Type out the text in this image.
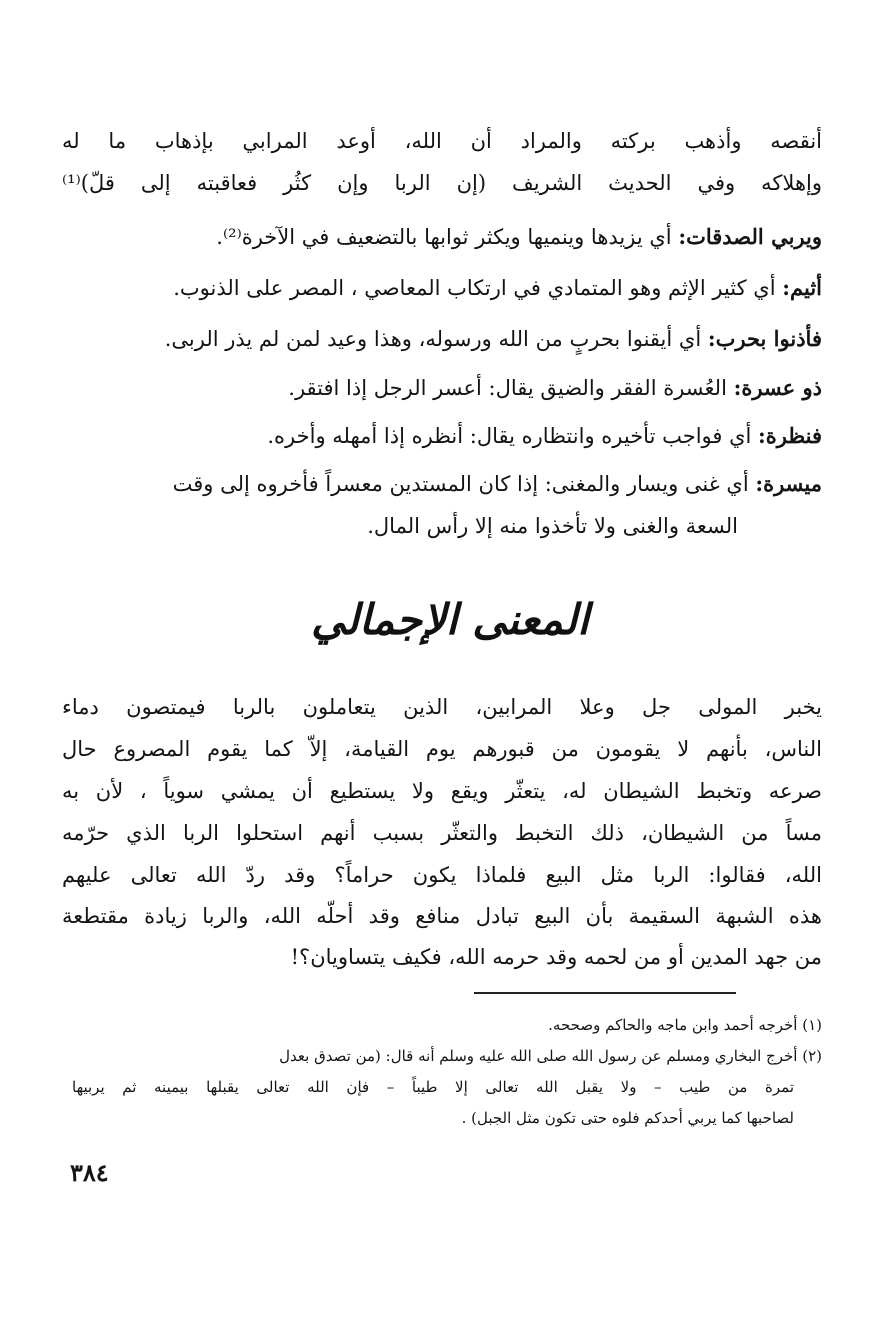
أنقصه وأذهب بركته والمراد أن الله، أوعد المرابي بإذهاب ما له
وإهلاكه وفي الحديث الشريف (إن الربا وإن كثُر فعاقبته إلى قلّ)⁽¹⁾
ويربي الصدقات: أي يزيدها وينميها ويكثر ثوابها بالتضعيف في الآخرة⁽²⁾.
أثيم: أي كثير الإثم وهو المتمادي في ارتكاب المعاصي ، المصر على الذنوب.
فأذنوا بحرب: أي أيقنوا بحربٍ من الله ورسوله، وهذا وعيد لمن لم يذر الربى.
ذو عسرة: العُسرة الفقر والضيق يقال: أعسر الرجل إذا افتقر.
فنظرة: أي فواجب تأخيره وانتظاره يقال: أنظره إذا أمهله وأخره.
ميسرة: أي غنى ويسار والمغنى: إذا كان المستدين معسراً فأخروه إلى وقت
السعة والغنى ولا تأخذوا منه إلا رأس المال.
المعنى الإجمالي
يخبر المولى جل وعلا المرابين، الذين يتعاملون بالربا فيمتصون دماء
الناس، بأنهم لا يقومون من قبورهم يوم القيامة، إلاّ كما يقوم المصروع حال
صرعه وتخبط الشيطان له، يتعثّر ويقع ولا يستطيع أن يمشي سوياً ، لأن به
مساً من الشيطان، ذلك التخبط والتعثّر بسبب أنهم استحلوا الربا الذي حرّمه
الله، فقالوا: الربا مثل البيع فلماذا يكون حراماً؟ وقد ردّ الله تعالى عليهم
هذه الشبهة السقيمة بأن البيع تبادل منافع وقد أحلّه الله، والربا زيادة مقتطعة
من جهد المدين أو من لحمه وقد حرمه الله، فكيف يتساويان؟!
(١) أخرجه أحمد وابن ماجه والحاكم وصححه.
(٢) أخرج البخاري ومسلم عن رسول الله صلى الله عليه وسلم أنه قال: (من تصدق بعدل
تمرة من طيب – ولا يقبل الله تعالى إلا طيباً – فإن الله تعالى يقبلها بيمينه ثم يربيها
لصاحبها كما يربي أحدكم فلوه حتى تكون مثل الجبل) .
٣٨٤
